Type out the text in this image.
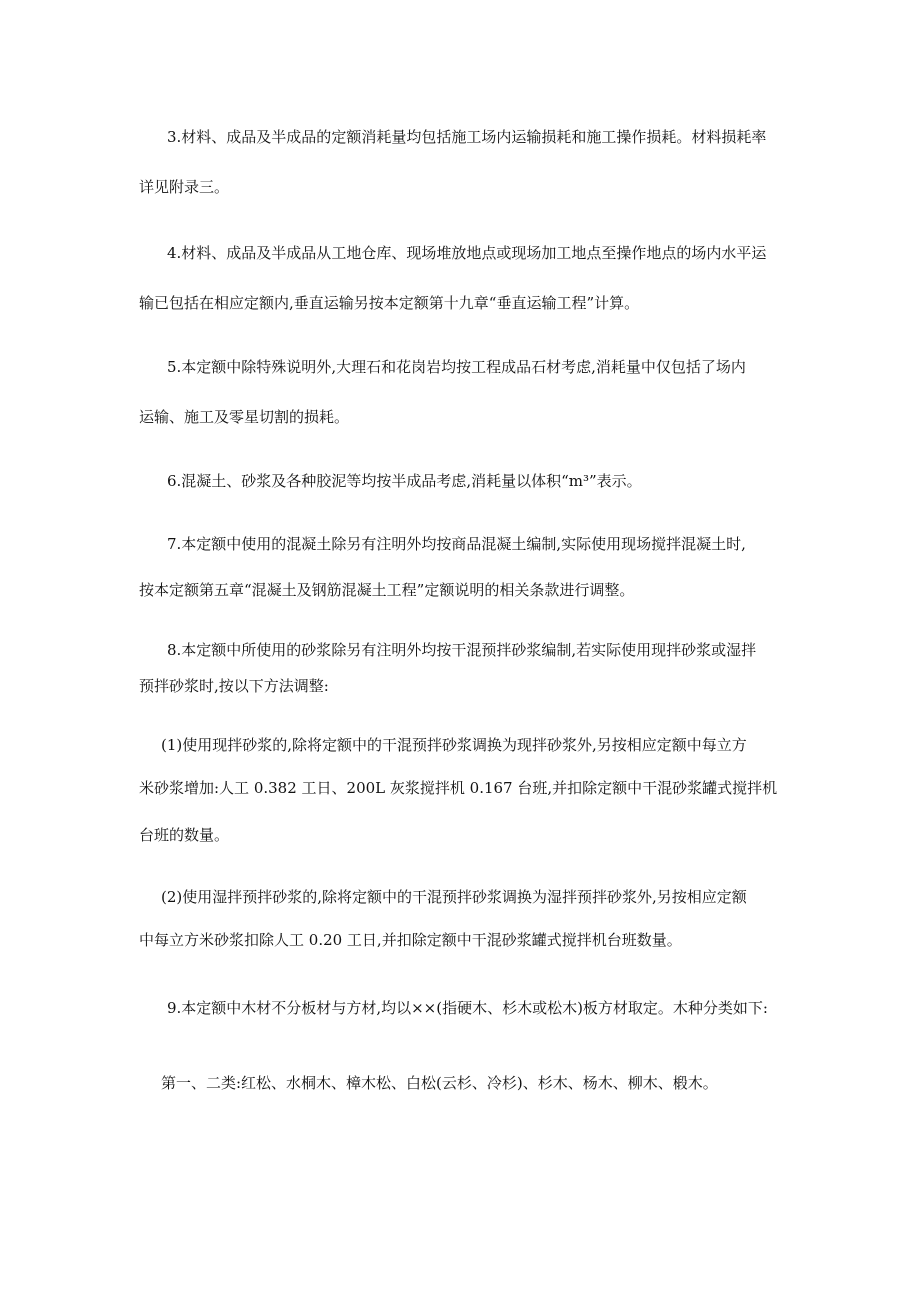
3.材料、成品及半成品的定额消耗量均包括施工场内运输损耗和施工操作损耗。材料损耗率
详见附录三。
4.材料、成品及半成品从工地仓库、现场堆放地点或现场加工地点至操作地点的场内水平运
输已包括在相应定额内,垂直运输另按本定额第十九章“垂直运输工程”计算。
5.本定额中除特殊说明外,大理石和花岗岩均按工程成品石材考虑,消耗量中仅包括了场内
运输、施工及零星切割的损耗。
6.混凝土、砂浆及各种胶泥等均按半成品考虑,消耗量以体积“m³”表示。
7.本定额中使用的混凝土除另有注明外均按商品混凝土编制,实际使用现场搅拌混凝土时,
按本定额第五章“混凝土及钢筋混凝土工程”定额说明的相关条款进行调整。
8.本定额中所使用的砂浆除另有注明外均按干混预拌砂浆编制,若实际使用现拌砂浆或湿拌
预拌砂浆时,按以下方法调整:
(1)使用现拌砂浆的,除将定额中的干混预拌砂浆调换为现拌砂浆外,另按相应定额中每立方
米砂浆增加:人工 0.382 工日、200L 灰浆搅拌机 0.167 台班,并扣除定额中干混砂浆罐式搅拌机
台班的数量。
(2)使用湿拌预拌砂浆的,除将定额中的干混预拌砂浆调换为湿拌预拌砂浆外,另按相应定额
中每立方米砂浆扣除人工 0.20 工日,并扣除定额中干混砂浆罐式搅拌机台班数量。
9.本定额中木材不分板材与方材,均以××(指硬木、杉木或松木)板方材取定。木种分类如下:
第一、二类:红松、水桐木、樟木松、白松(云杉、冷杉)、杉木、杨木、柳木、椴木。
